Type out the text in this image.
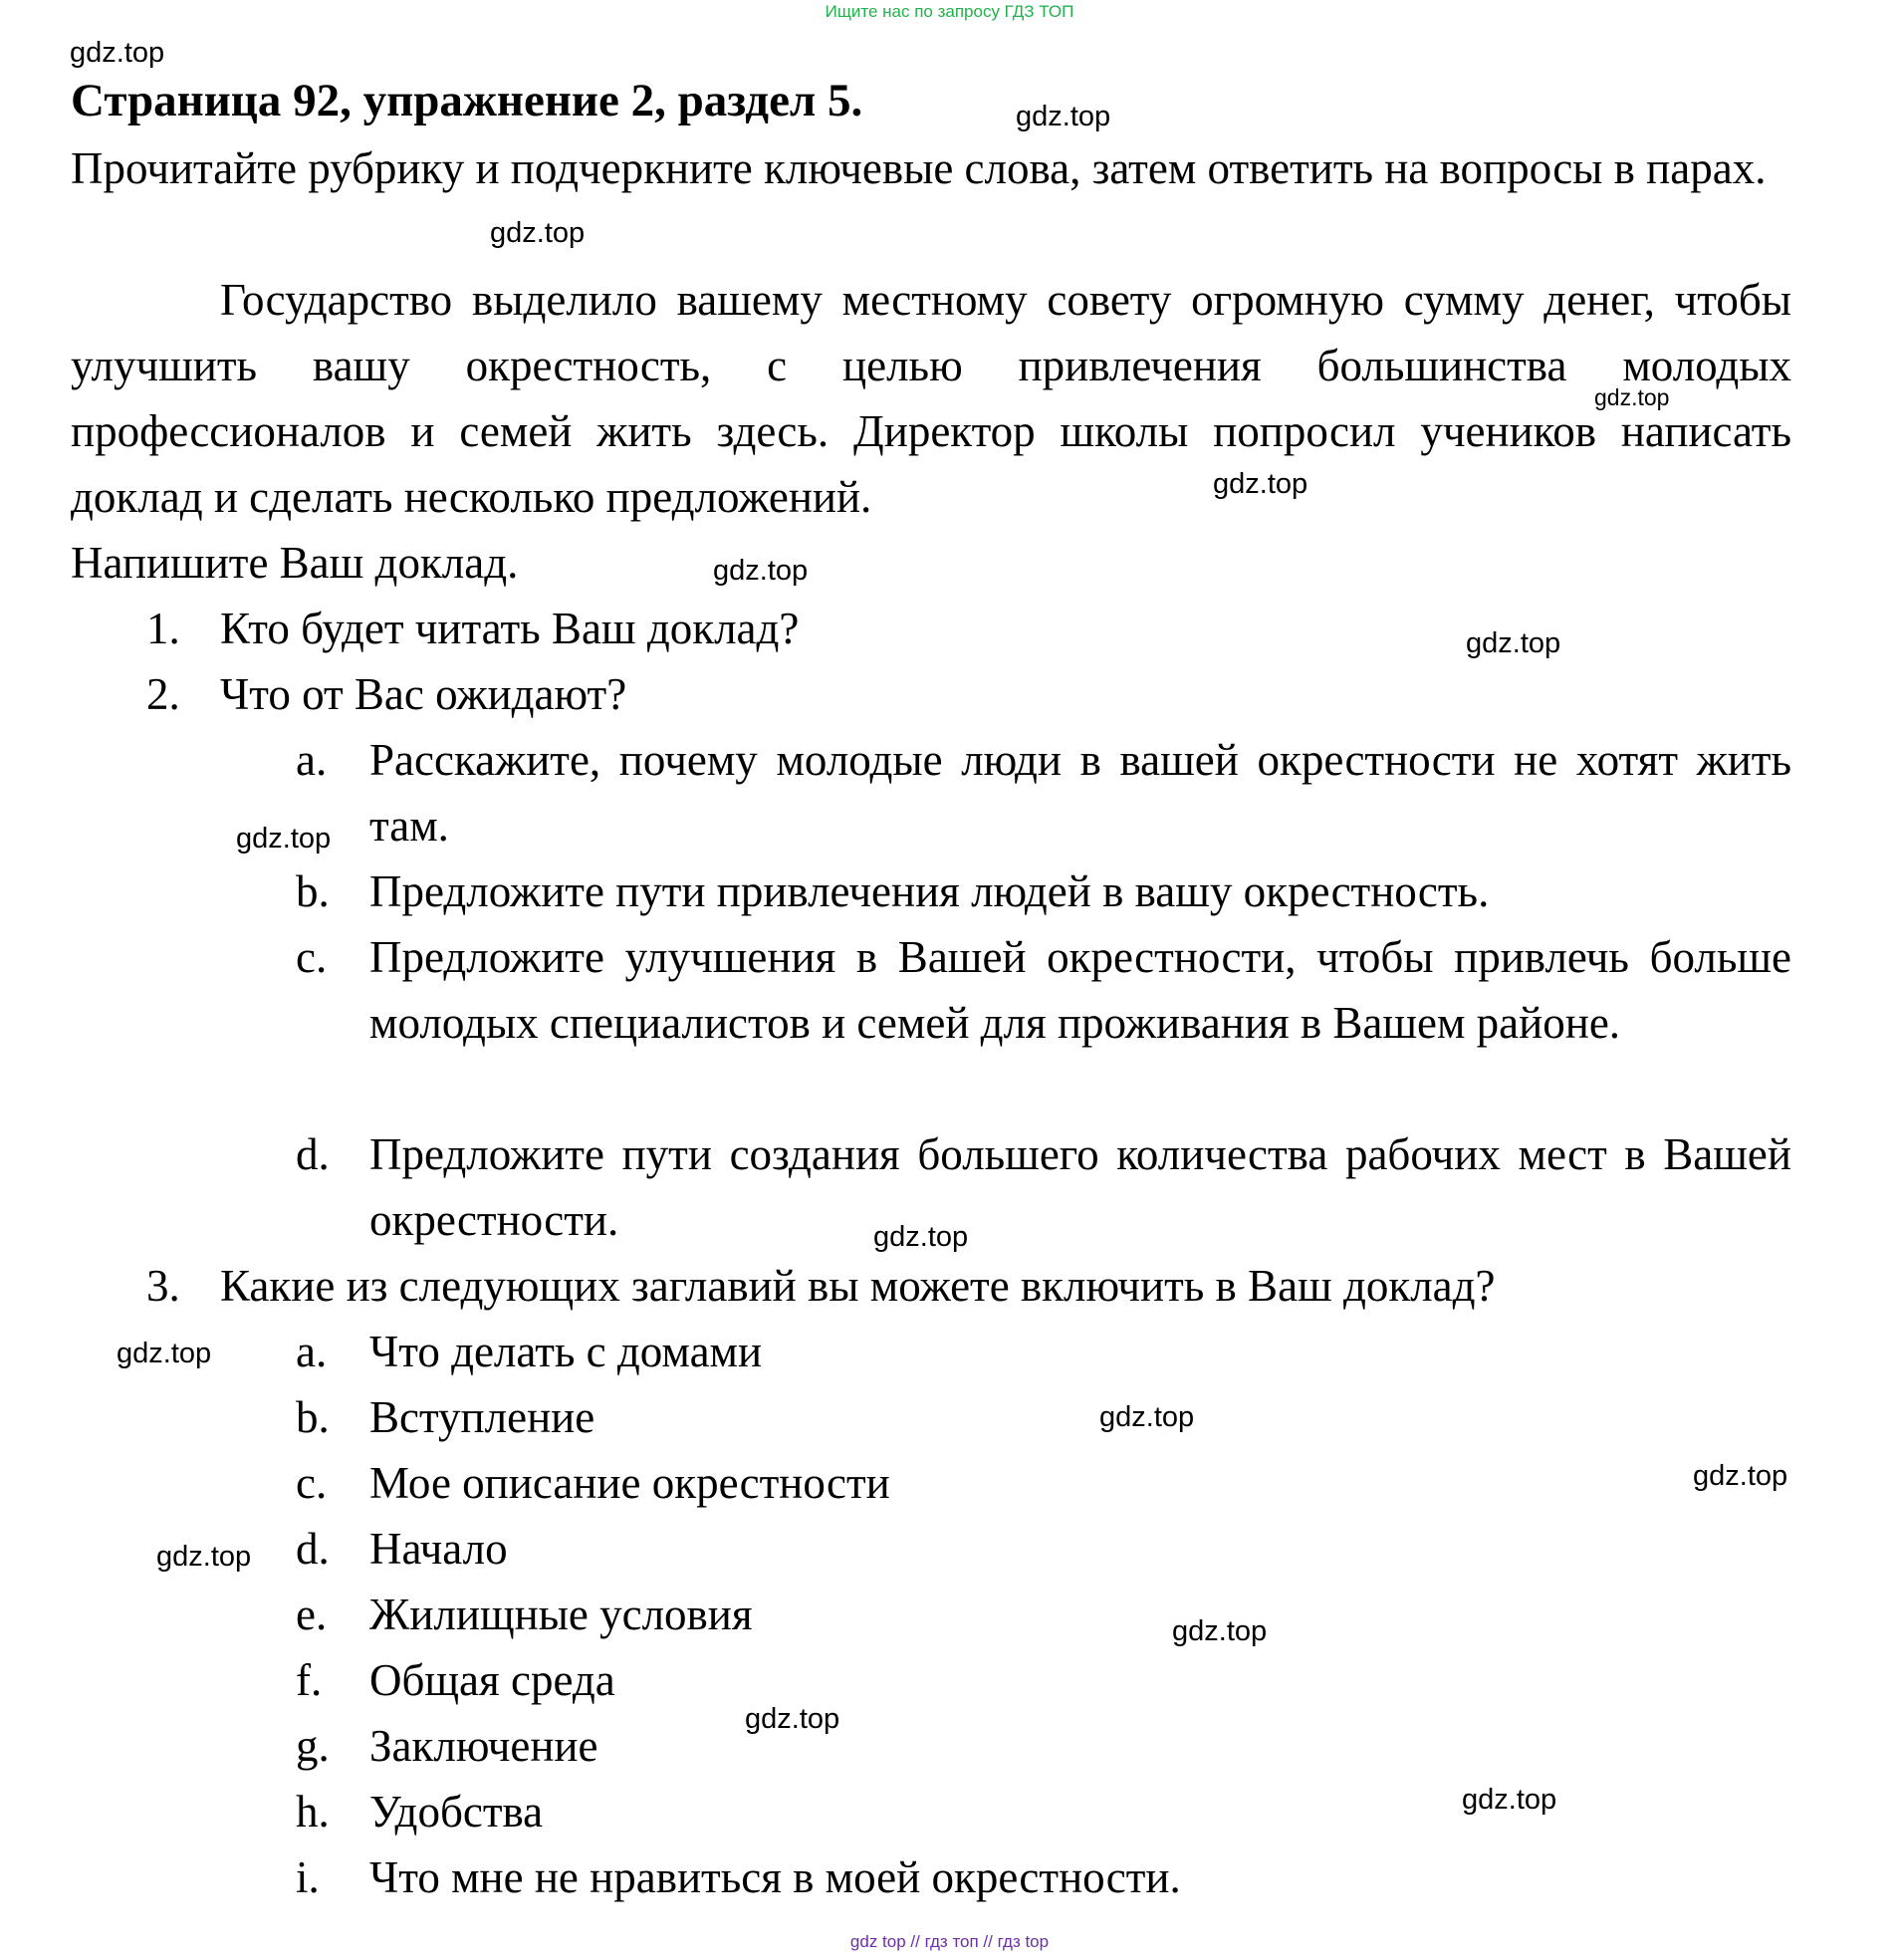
Ищите нас по запросу ГДЗ ТОП
gdz.top
gdz.top
gdz.top
gdz.top
gdz.top
gdz.top
gdz.top
gdz.top
gdz.top
gdz.top
gdz.top
gdz.top
gdz.top
gdz.top
gdz.top
gdz.top
Страница 92, упражнение 2, раздел 5.
Прочитайте рубрику и подчеркните ключевые слова, затем ответить на вопросы в парах.
Государство выделило вашему местному совету огромную сумму денег, чтобы улучшить вашу окрестность, с целью привлечения большинства молодых профессионалов и семей жить здесь. Директор школы попросил учеников написать доклад и сделать несколько предложений.
Напишите Ваш доклад.
1. Кто будет читать Ваш доклад?
2. Что от Вас ожидают?
a. Расскажите, почему молодые люди в вашей окрестности не хотят жить там.
b. Предложите пути привлечения людей в вашу окрестность.
c. Предложите улучшения в Вашей окрестности, чтобы привлечь больше молодых специалистов и семей для проживания в Вашем районе.
d. Предложите пути создания большего количества рабочих мест в Вашей окрестности.
3. Какие из следующих заглавий вы можете включить в Ваш доклад?
a. Что делать с домами
b. Вступление
c. Мое описание окрестности
d. Начало
e. Жилищные условия
f. Общая среда
g. Заключение
h. Удобства
i. Что мне не нравиться в моей окрестности.
gdz top // гдз топ // гдз top
